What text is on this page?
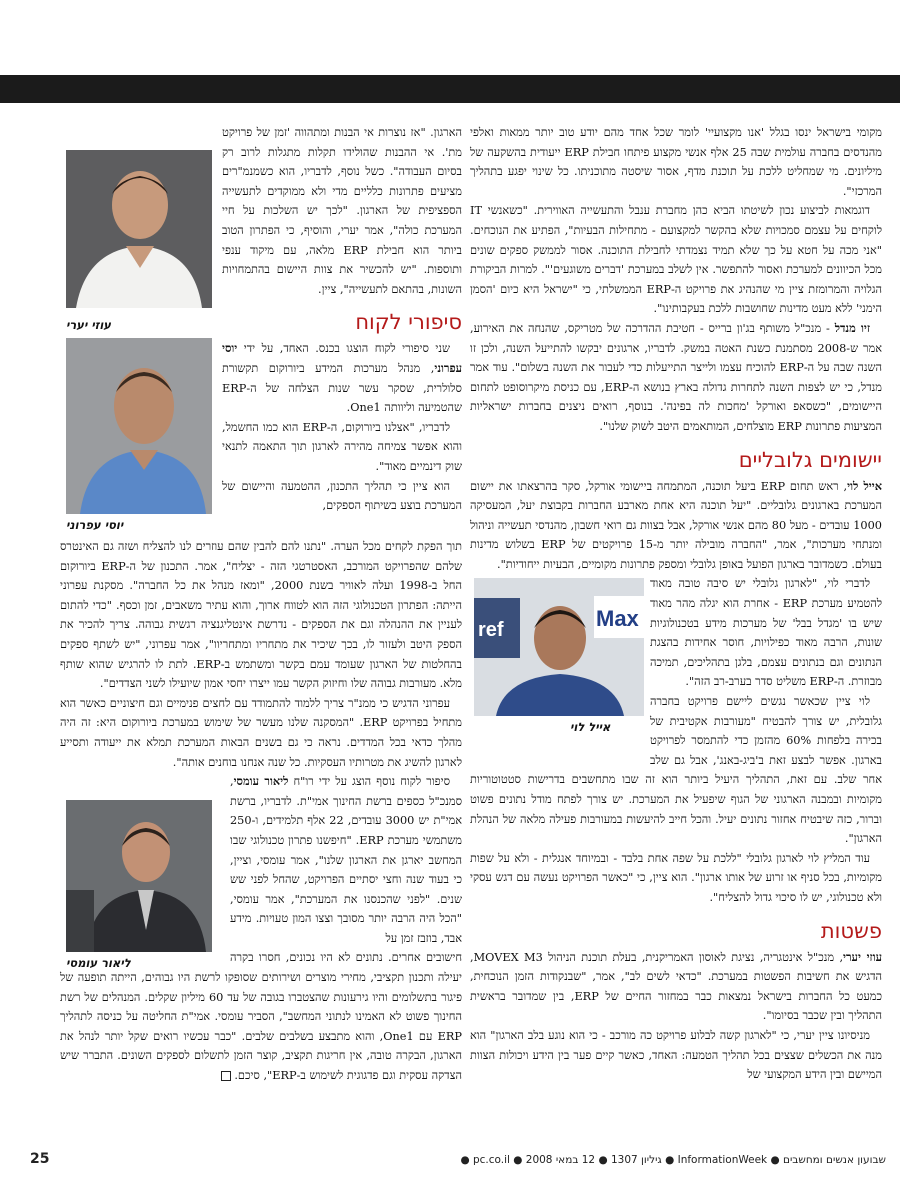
מקומי בישראל ינסו בגלל 'אנו מקצועיי' לומר שכל אחד מהם יודע טוב יותר ממאות ואלפי מהנדסים בחברה עולמית שבה 25 אלף אנשי מקצוע פיתחו חבילת ERP ייעודית בהשקעה של מיליונים. מי שמחליט ללכת על תוכנת מדף, אסור שיסטה מתוכניתו. כל שינוי יפגע בתהליך המרכזי".

דוגמאות לביצוע נכון לשיטתו הביא כהן מחברת ענבל והתעשייה האווירית. "כשאנשי IT לוקחים על עצמם סמכויות שלא בהקשר למקצועם - מתחילות הבעיות", הפתיע את הנוכחים. "אני מכה על חטא על כך שלא תמיד נצמדתי לחבילת התוכנה. אסור לממשק ספקים שונים מכל הכיוונים למערכת ואסור להתפשר. אין לשלב במערכת 'דברים משוגעים'". למרות הביקורת הגלויה והמרומזת ציין מי שהנהיג את פרויקט ה-ERP הממשלתי, כי "ישראל היא כיום 'הסמן הימני' ללא מעט מדינות שחושבות ללכת בעקבותינו".

זיו מנדל - מנכ"ל משותף בג'ון ברייס - חטיבת ההדרכה של מטריקס, שהנחה את האירוע, אמר ש-2008 מסתמנת כשנת האטה במשק. לדבריו, ארגונים יבקשו להתייעל השנה, ולכן זו השנה שבה על ה-ERP להוכיח עצמו ולייצר התייעלות כדי לעבור את השנה בשלום". עוד אמר מנדל, כי יש לצפות השנה לתחרות גדולה בארץ בנושא ה-ERP, עם כניסת מיקרוסופט לתחום היישומים, "כשסאפ ואורקל 'מחכות לה בפינה'. בנוסף, רואים ניצנים בחברות ישראליות המציעות פתרונות ERP מוצלחים, המותאמים היטב לשוק שלנו".

יישומים גלובליים

אייל לוי, ראש תחום ERP ביעל תוכנה, המתמחה ביישומי אורקל, סקר בהרצאתו את יישום המערכת בארגונים גלובליים. "יעל תוכנה היא אחת מארבע החברות בקבוצת יעל, המעסיקה 1000 עובדים - מעל 80 מהם אנשי אורקל, אבל בצוות גם רואי חשבון, מהנדסי תעשייה וניהול ומנתחי מערכות", אמר, "החברה מובילה יותר מ-15 פרויקטים של ERP בשלוש מדינות בעולם. כשמדובר בארגון הפועל באופן גלובלי ומספק פתרונות מקומיים, הבעיות ייחודיות".

לדברי לוי, "לארגון גלובלי יש סיבה טובה מאוד להטמיע מערכת ERP - אחרת הוא יגלה מהר מאוד שיש בו 'מגדל בבל' של מערכות מידע בטכנולוגיות שונות, הרבה מאוד כפילויות, חוסר אחידות בהצגת הנתונים וגם בנתונים עצמם, בלגן בתהליכים, תמיכה מבוזרת. ה-ERP משליט סדר בערב-רב הזה".

לוי ציין שכאשר נגשים ליישם פרויקט בחברה גלובלית, יש צורך להבטיח "מעורבות אקטיבית של בכירה בלפחות 60% מהזמן כדי להתמסר לפרויקט בארגון. אפשר לבצע זאת ב'ביג-באנג', אבל גם שלב אחר שלב. עם זאת, התהליך היעיל ביותר הוא זה שבו מתחשבים בדרישות סטטוטוריות מקומיות ובמבנה הארגוני של הגוף שיפעיל את המערכת. יש צורך לפתח מודל נתונים פשוט וברור, כזה שיבטיח אחזור נתונים יעיל. והכל חייב להיעשות במעורבות פעילה מלאה של הנהלת הארגון".

עוד המליץ לוי לארגון גלובלי "ללכת על שפה אחת בלבד - ובמיוחד אנגלית - ולא על שפות מקומיות, בכל סניף או זרוע של אותו ארגון". הוא ציין, כי "כאשר הפרויקט נעשה עם דגש עסקי ולא טכנולוגי, יש לו סיכוי גדול להצליח".

פשטות

עוזי יערי, מנכ"ל אינטגריה, נציגת לאוסון האמריקנית, בעלת תוכנת הניהול MOVEX M3, הדגיש את חשיבות הפשטות במערכת. "כדאי לשים לב", אמר, "שבנקודות הזמן הנוכחית, כמעט כל החברות בישראל נמצאות כבר במחזור החיים של ERP, בין שמדובר בראשית התהליך ובין שכבר בסיומו".

מניסיונו ציין יערי, כי "לארגון קשה לבלוע פרויקט כה מורכב - כי הוא נוגע בלב הארגון" הוא מנה את הכשלים שצצים בכל תהליך הטמעה: האחד, כאשר קיים פער בין הידע ויכולות הצוות המיישם ובין הידע המקצועי של

הארגון. "אז נוצרות אי הבנות ומתהווה 'זמן של פרויקט מת'. אי ההבנות שהולידו תקלות מתגלות לרוב רק בסיום העבודה". כשל נוסף, לדבריו, הוא כשמנמ"רים מציעים פתרונות כלליים מדי ולא ממוקדים לתעשייה הספציפית של הארגון. "לכך יש השלכות על חיי המערכת כולה", אמר יערי, והוסיף, כי הפתרון הטוב ביותר הוא חבילת ERP מלאה, עם מיקוד ענפי ותוספות. "יש להכשיר את צוות היישום בהתמחויות השונות, בהתאם לתעשייה", ציין.

סיפורי לקוח

שני סיפורי לקוח הוצגו בכנס. האחד, על ידי יוסי עפרוני, מנהל מערכות המידע ביורוקום תקשורת סלולרית, שסקר עשר שנות הצלחה של ה-ERP שהטמיעה וליוותה One1.

לדבריו, "אצלנו ביורוקום, ה-ERP הוא כמו החשמל, והוא אפשר צמיחה מהירה לארגון תוך התאמה לתנאי שוק דינמיים מאוד".

הוא ציין כי תהליך התכנון, ההטמעה והיישום של המערכת בוצע בשיתוף הספקים,

תוך הפקת לקחים מכל הערה. "נתנו להם להבין שהם עוזרים לנו להצליח ושזה גם האינטרס שלהם שהפרויקט המורכב, האסטרטגי הזה - יצליח", אמר. התכנון של ה-ERP ביורוקום החל ב-1998 ועלה לאוויר בשנת 2000, "ומאז מנהל את כל החברה". מסקנת עפרוני הייתה: הפתרון הטכנולוגי הזה הוא לטווח ארוך, והוא עתיר משאבים, זמן וכסף. "כדי להתום לעניין את ההנהלה וגם את הספקים - נדרשת אינטליגנציה רגשית גבוהה. צריך להכיר את הספק היטב ולעזור לו, בכך שיכיר את מתחריו ומתחריוו", אמר עפרוני, "יש לשתף ספקים בהחלטות של הארגון שעומד עמם בקשר ומשתמש ב-ERP. לתת לו להרגיש שהוא שותף מלא. מעורבות גבוהה שלו וחיזוק הקשר עמו ייצרו יחסי אמון שיועילו לשני הצדדים".

עפרוני הדגיש כי ממנ"ר צריך ללמוד להתמודד עם לחצים פנימיים וגם חיצוניים כאשר הוא מתחיל בפרויקט ERP. "המסקנה שלנו מעשר של שימוש במערכת ביורוקום היא: זה היה מהלך כדאי בכל המדדים. נראה כי גם בשנים הבאות המערכת תמלא את ייעודה ותסייע לארגון להשיג את מטרותיו העסקיות. כל שנה אנחנו בוחנים אותה".

סיפור לקוח נוסף הוצג על ידי רו"ח ליאור עומסי, סמנכ"ל כספים ברשת החינוך אמי"ת. לדבריו, ברשת אמי"ת יש 3000 עובדים, 22 אלף תלמידים, ו-250 משתמשי מערכת ERP. "חיפשנו פתרון טכנולוגי שבו המחשב יארגן את הארגון שלנו", אמר עומסי, וציין, כי בעוד שנה וחצי יסתיים הפרויקט, שהחל לפני שש שנים. "לפני שהכנסנו את המערכת", אמר עומסי, "הכל היה הרבה יותר מסובך וצצו המון טעויות. מידע אבד, בוזבז זמן על

חישובים אחרים. נתונים לא היו נכונים, חסרו בקרה יעילה ותכנון תקציבי, מחירי מוצרים ושירותים שסופקו לרשת היו גבוהים, הייתה תופעה של פיגור בתשלומים והיו גירעונות שהצטברו בגובה של עד 60 מיליון שקלים. המנהלים של רשת החינוך פשוט לא האמינו לנתוני המחשב", הסביר עומסי. אמי"ת החליטה על כניסה לתהליך ERP עם One1, והוא מתבצע בשלבים שלבים. "כבר עכשיו רואים שקל יותר לנהל את הארגון, הבקרה טובה, אין חריגות תקציב, קוצר הזמן לתשלום לספקים השונים. התברר שיש הצדקה עסקית וגם פדגוגית לשימוש ב-ERP", סיכם.

עוזי יערי
יוסי עפרוני
ref	Max
אייל לוי
ליאור עומסי
25	שבועון אנשים ומחשבים ● InformationWeek ● גיליון 1307 ● 12 במאי 2008 ● pc.co.il ●
